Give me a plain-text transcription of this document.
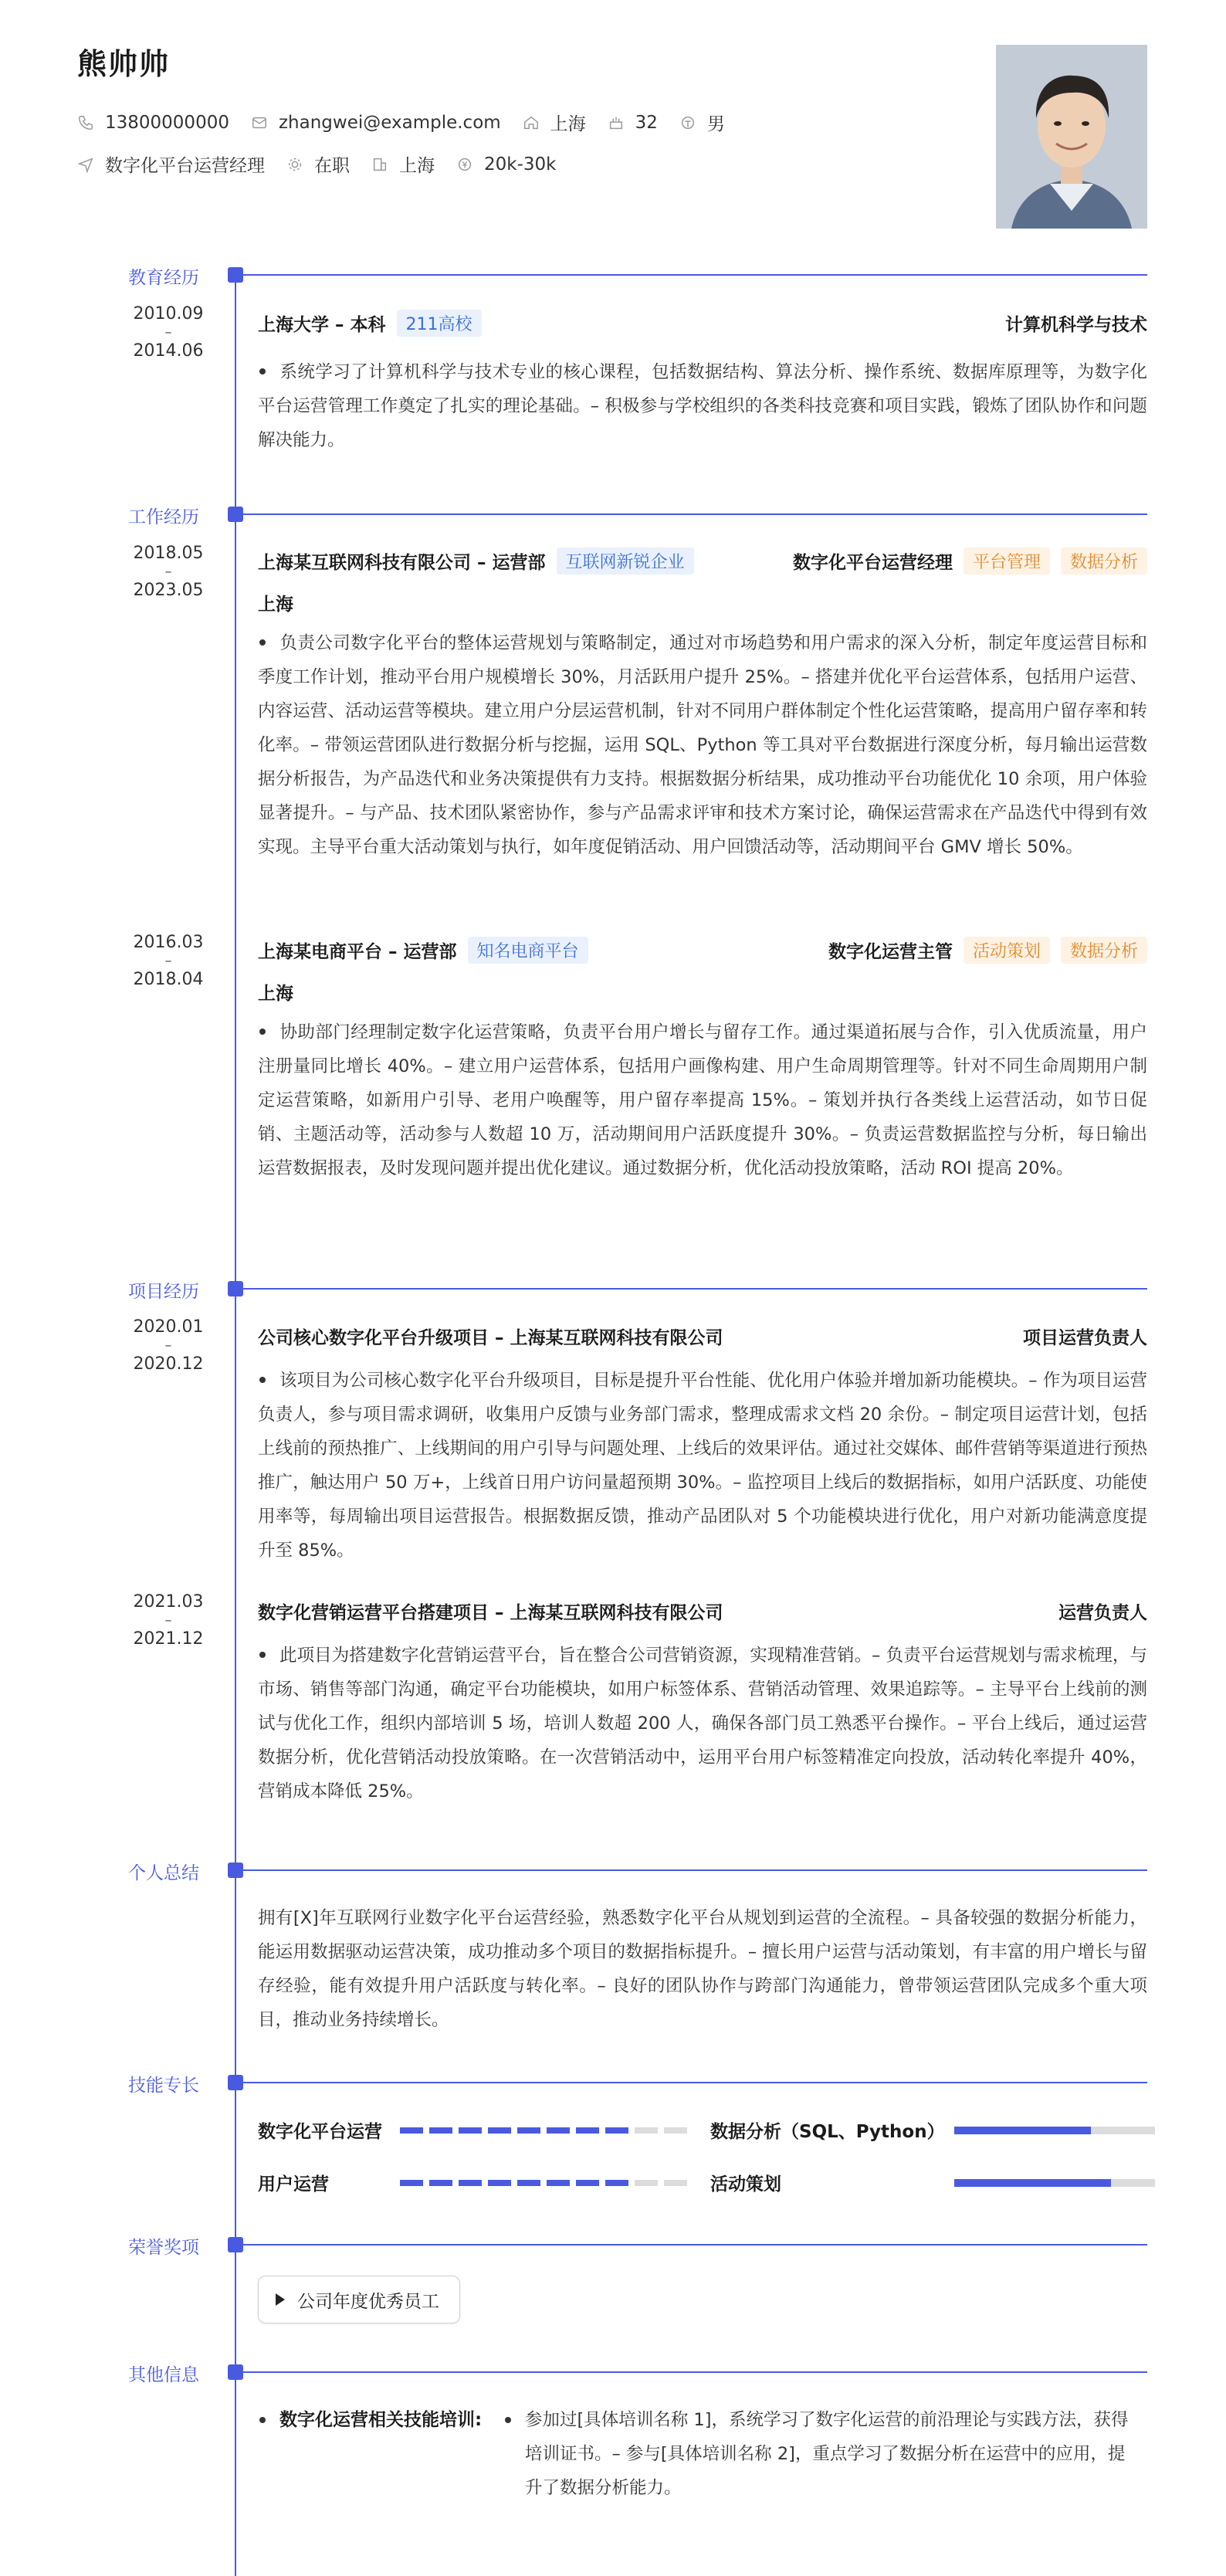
熊帅帅
13800000000	zhangwei@example.com	上海	32	男
数字化平台运营经理	在职	上海	20k-30k
教育经历
2010.09
–
2014.06
上海大学 – 本科	211高校	计算机科学与技术
系统学习了计算机科学与技术专业的核心课程，包括数据结构、算法分析、操作系统、数据库原理等，为数字化平台运营管理工作奠定了扎实的理论基础。– 积极参与学校组织的各类科技竞赛和项目实践，锻炼了团队协作和问题解决能力。
工作经历
2018.05
–
2023.05
上海某互联网科技有限公司 – 运营部	互联网新锐企业	数字化平台运营经理	平台管理	数据分析
上海
负责公司数字化平台的整体运营规划与策略制定，通过对市场趋势和用户需求的深入分析，制定年度运营目标和季度工作计划，推动平台用户规模增长 30%，月活跃用户提升 25%。– 搭建并优化平台运营体系，包括用户运营、内容运营、活动运营等模块。建立用户分层运营机制，针对不同用户群体制定个性化运营策略，提高用户留存率和转化率。– 带领运营团队进行数据分析与挖掘，运用 SQL、Python 等工具对平台数据进行深度分析，每月输出运营数据分析报告，为产品迭代和业务决策提供有力支持。根据数据分析结果，成功推动平台功能优化 10 余项，用户体验显著提升。– 与产品、技术团队紧密协作，参与产品需求评审和技术方案讨论，确保运营需求在产品迭代中得到有效实现。主导平台重大活动策划与执行，如年度促销活动、用户回馈活动等，活动期间平台 GMV 增长 50%。
2016.03
–
2018.04
上海某电商平台 – 运营部	知名电商平台	数字化运营主管	活动策划	数据分析
上海
协助部门经理制定数字化运营策略，负责平台用户增长与留存工作。通过渠道拓展与合作，引入优质流量，用户注册量同比增长 40%。– 建立用户运营体系，包括用户画像构建、用户生命周期管理等。针对不同生命周期用户制定运营策略，如新用户引导、老用户唤醒等，用户留存率提高 15%。– 策划并执行各类线上运营活动，如节日促销、主题活动等，活动参与人数超 10 万，活动期间用户活跃度提升 30%。– 负责运营数据监控与分析，每日输出运营数据报表，及时发现问题并提出优化建议。通过数据分析，优化活动投放策略，活动 ROI 提高 20%。
项目经历
2020.01
–
2020.12
公司核心数字化平台升级项目 – 上海某互联网科技有限公司	项目运营负责人
该项目为公司核心数字化平台升级项目，目标是提升平台性能、优化用户体验并增加新功能模块。– 作为项目运营负责人，参与项目需求调研，收集用户反馈与业务部门需求，整理成需求文档 20 余份。– 制定项目运营计划，包括上线前的预热推广、上线期间的用户引导与问题处理、上线后的效果评估。通过社交媒体、邮件营销等渠道进行预热推广，触达用户 50 万+，上线首日用户访问量超预期 30%。– 监控项目上线后的数据指标，如用户活跃度、功能使用率等，每周输出项目运营报告。根据数据反馈，推动产品团队对 5 个功能模块进行优化，用户对新功能满意度提升至 85%。
2021.03
–
2021.12
数字化营销运营平台搭建项目 – 上海某互联网科技有限公司	运营负责人
此项目为搭建数字化营销运营平台，旨在整合公司营销资源，实现精准营销。– 负责平台运营规划与需求梳理，与市场、销售等部门沟通，确定平台功能模块，如用户标签体系、营销活动管理、效果追踪等。– 主导平台上线前的测试与优化工作，组织内部培训 5 场，培训人数超 200 人，确保各部门员工熟悉平台操作。– 平台上线后，通过运营数据分析，优化营销活动投放策略。在一次营销活动中，运用平台用户标签精准定向投放，活动转化率提升 40%，营销成本降低 25%。
个人总结
拥有[X]年互联网行业数字化平台运营经验，熟悉数字化平台从规划到运营的全流程。– 具备较强的数据分析能力，能运用数据驱动运营决策，成功推动多个项目的数据指标提升。– 擅长用户运营与活动策划，有丰富的用户增长与留存经验，能有效提升用户活跃度与转化率。– 良好的团队协作与跨部门沟通能力，曾带领运营团队完成多个重大项目，推动业务持续增长。
技能专长
数字化平台运营	数据分析（SQL、Python）
用户运营	活动策划
荣誉奖项
公司年度优秀员工
其他信息
数字化运营相关技能培训: 参加过[具体培训名称 1]，系统学习了数字化运营的前沿理论与实践方法，获得培训证书。– 参与[具体培训名称 2]，重点学习了数据分析在运营中的应用，提升了数据分析能力。
